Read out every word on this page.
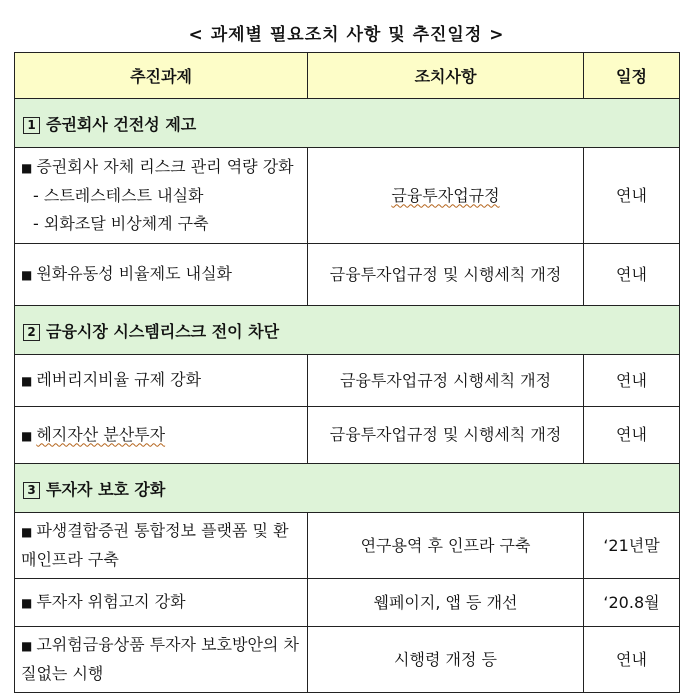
< 과제별 필요조치 사항 및 추진일정 >
추진과제	조치사항	일정
1 증권회사 건전성 제고		
■ 증권회사 자체 리스크 관리 역량 강화
- 스트레스테스트 내실화
- 외화조달 비상체계 구축	금융투자업규정	연내
■ 원화유동성 비율제도 내실화	금융투자업규정 및 시행세칙 개정	연내
2 금융시장 시스템리스크 전이 차단		
■ 레버리지비율 규제 강화	금융투자업규정 시행세칙 개정	연내
■ 헤지자산 분산투자	금융투자업규정 및 시행세칙 개정	연내
3 투자자 보호 강화		
■ 파생결합증권 통합정보 플랫폼 및 환매인프라 구축	연구용역 후 인프라 구축	‘21년말
■ 투자자 위험고지 강화	웹페이지, 앱 등 개선	‘20.8월
■ 고위험금융상품 투자자 보호방안의 차질없는 시행	시행령 개정 등	연내
